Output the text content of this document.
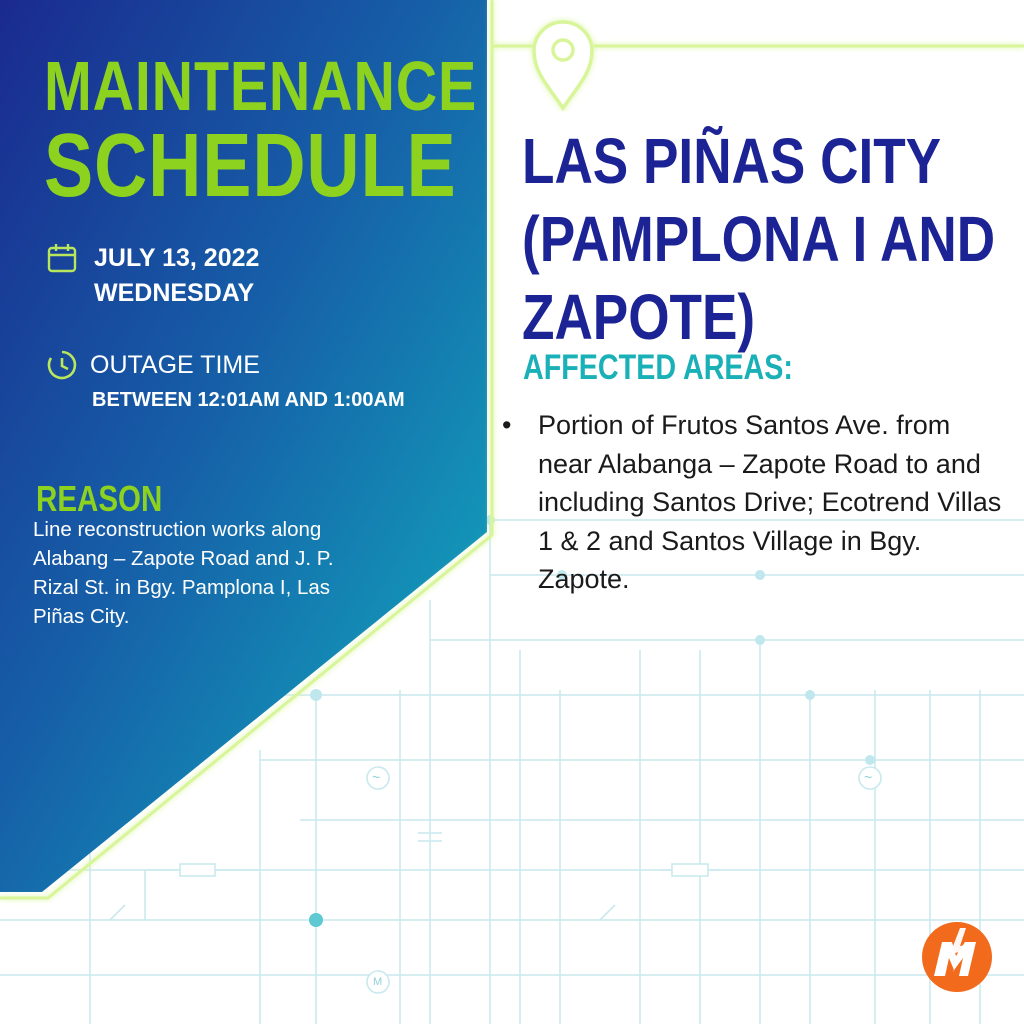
MAINTENANCE
SCHEDULE
JULY 13, 2022
WEDNESDAY
OUTAGE TIME
BETWEEN 12:01AM AND 1:00AM
REASON

Line reconstruction works along Alabang – Zapote Road and J. P. Rizal St. in Bgy. Pamplona I, Las Piñas City.

LAS PIÑAS CITY (PAMPLONA I AND ZAPOTE)
AFFECTED AREAS:
• Portion of Frutos Santos Ave. from near Alabanga – Zapote Road to and including Santos Drive; Ecotrend Villas 1 & 2 and Santos Village in Bgy. Zapote.
M
~	~
